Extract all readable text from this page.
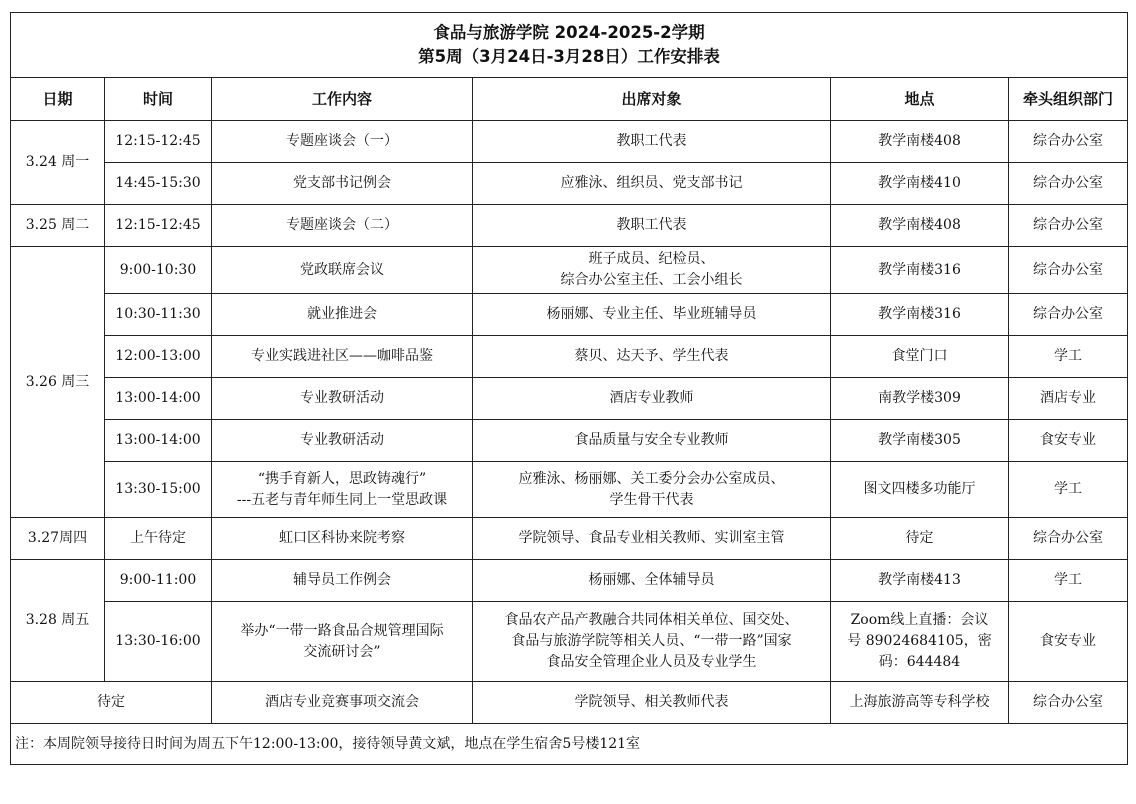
食品与旅游学院 2024-2025-2学期
第5周（3月24日-3月28日）工作安排表					

日期	时间	工作内容	出席对象	地点	牵头组织部门
3.24 周一	12:15-12:45	专题座谈会（一）	教职工代表	教学南楼408	综合办公室
	14:45-15:30	党支部书记例会	应雅泳、组织员、党支部书记	教学南楼410	综合办公室
3.25 周二	12:15-12:45	专题座谈会（二）	教职工代表	教学南楼408	综合办公室
3.26 周三	9:00-10:30	党政联席会议	班子成员、纪检员、
综合办公室主任、工会小组长	教学南楼316	综合办公室
	10:30-11:30	就业推进会	杨丽娜、专业主任、毕业班辅导员	教学南楼316	综合办公室
	12:00-13:00	专业实践进社区——咖啡品鉴	蔡贝、达天予、学生代表	食堂门口	学工
	13:00-14:00	专业教研活动	酒店专业教师	南教学楼309	酒店专业
	13:00-14:00	专业教研活动	食品质量与安全专业教师	教学南楼305	食安专业
	13:30-15:00	“携手育新人，思政铸魂行”
---五老与青年师生同上一堂思政课	应雅泳、杨丽娜、关工委分会办公室成员、
学生骨干代表	图文四楼多功能厅	学工
3.27周四	上午待定	虹口区科协来院考察	学院领导、食品专业相关教师、实训室主管	待定	综合办公室
3.28 周五	9:00-11:00	辅导员工作例会	杨丽娜、全体辅导员	教学南楼413	学工
	13:30-16:00	举办“一带一路食品合规管理国际
交流研讨会”	食品农产品产教融合共同体相关单位、国交处、
食品与旅游学院等相关人员、“一带一路”国家
食品安全管理企业人员及专业学生	Zoom线上直播：会议
号 89024684105，密
码：644484	食安专业
待定		酒店专业竞赛事项交流会	学院领导、相关教师代表	上海旅游高等专科学校	综合办公室
注：本周院领导接待日时间为周五下午12:00-13:00，接待领导黄文斌，地点在学生宿舍5号楼121室					
